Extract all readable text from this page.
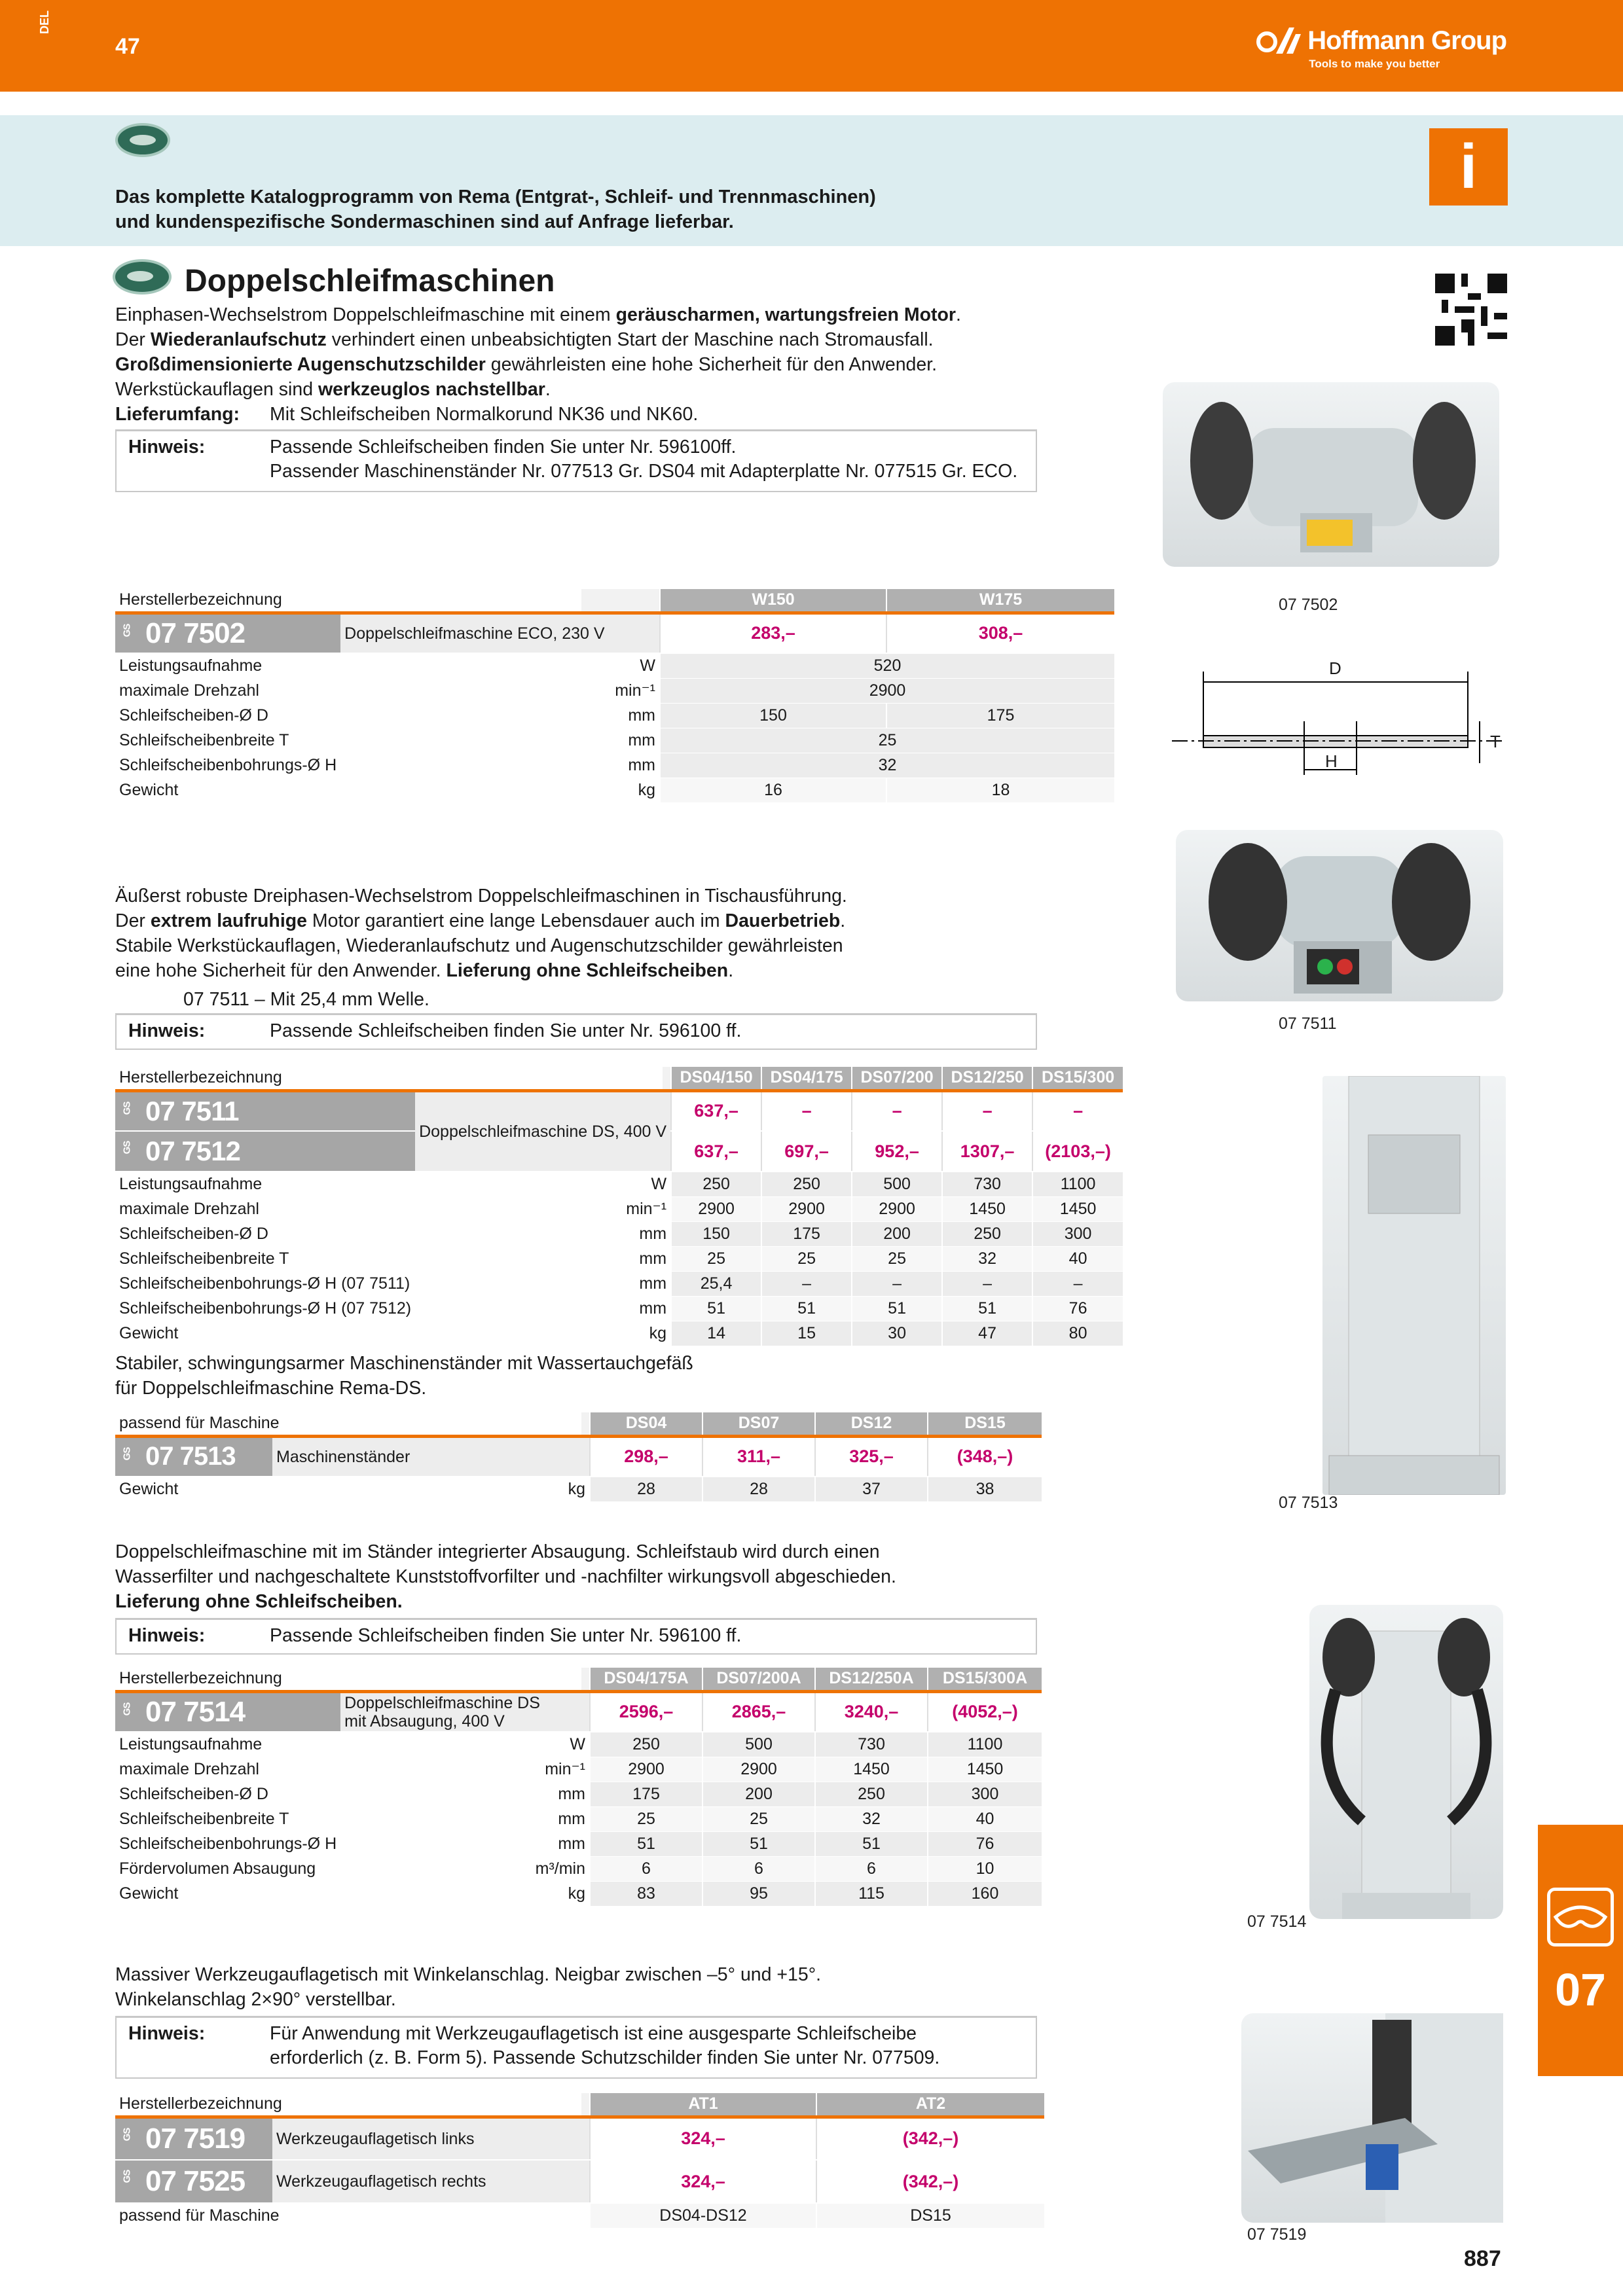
DEL
47	Hoffmann Group
Tools to make you better
i
Das komplette Katalogprogramm von Rema (Entgrat-, Schleif- und Trennmaschinen)
und kundenspezifische Sondermaschinen sind auf Anfrage lieferbar.
Doppelschleifmaschinen
Einphasen-Wechselstrom Doppelschleifmaschine mit einem geräuscharmen, wartungsfreien Motor.
Der Wiederanlaufschutz verhindert einen unbeabsichtigten Start der Maschine nach Stromausfall.
Großdimensionierte Augenschutzschilder gewährleisten eine hohe Sicherheit für den Anwender.
Werkstückauflagen sind werkzeuglos nachstellbar.
Lieferumfang:	Mit Schleifscheiben Normalkorund NK36 und NK60.
Hinweis:	Passende Schleifscheiben finden Sie unter Nr. 596100ff.
Passender Maschinenständer Nr. 077513 Gr. DS04 mit Adapterplatte Nr. 077515 Gr. ECO.
07 7502
Herstellerbezeichnung			W150	W175
GS 07 7502	Doppelschleifmaschine ECO, 230 V		283,–	308,–
Leistungsaufnahme	W		520	
maximale Drehzahl	min⁻¹		2900	
Schleifscheiben-Ø D	mm		150	175
Schleifscheibenbreite T	mm		25	
Schleifscheibenbohrungs-Ø H	mm		32	
Gewicht	kg		16	18
D
T
H
Äußerst robuste Dreiphasen-Wechselstrom Doppelschleifmaschinen in Tischausführung.
Der extrem laufruhige Motor garantiert eine lange Lebensdauer auch im Dauerbetrieb.
Stabile Werkstückauflagen, Wiederanlaufschutz und Augenschutzschilder gewährleisten
eine hohe Sicherheit für den Anwender. Lieferung ohne Schleifscheiben.
07 7511 – Mit 25,4 mm Welle.
Hinweis:	Passende Schleifscheiben finden Sie unter Nr. 596100 ff.	07 7511
Herstellerbezeichnung			DS04/150	DS04/175	DS07/200	DS12/250	DS15/300
GS 07 7511	Doppelschleifmaschine DS, 400 V		637,–	–	–	–	–
GS 07 7512			637,–	697,–	952,–	1307,–	(2103,–)
Leistungsaufnahme	W		250	250	500	730	1100
maximale Drehzahl	min⁻¹		2900	2900	2900	1450	1450
Schleifscheiben-Ø D	mm		150	175	200	250	300
Schleifscheibenbreite T	mm		25	25	25	32	40
Schleifscheibenbohrungs-Ø H (07 7511)	mm		25,4	–	–	–	–
Schleifscheibenbohrungs-Ø H (07 7512)	mm		51	51	51	51	76
Gewicht	kg		14	15	30	47	80
Stabiler, schwingungsarmer Maschinenständer mit Wassertauchgefäß
für Doppelschleifmaschine Rema-DS.
07 7513
passend für Maschine			DS04	DS07	DS12	DS15
GS 07 7513	Maschinenständer		298,–	311,–	325,–	(348,–)
Gewicht	kg		28	28	37	38
Doppelschleifmaschine mit im Ständer integrierter Absaugung. Schleifstaub wird durch einen
Wasserfilter und nachgeschaltete Kunststoffvorfilter und -nachfilter wirkungsvoll abgeschieden.
Lieferung ohne Schleifscheiben.
Hinweis:	Passende Schleifscheiben finden Sie unter Nr. 596100 ff.
07 7514
Herstellerbezeichnung			DS04/175A	DS07/200A	DS12/250A	DS15/300A
GS 07 7514	Doppelschleifmaschine DS
mit Absaugung, 400 V		2596,–	2865,–	3240,–	(4052,–)
Leistungsaufnahme	W		250	500	730	1100
maximale Drehzahl	min⁻¹		2900	2900	1450	1450
Schleifscheiben-Ø D	mm		175	200	250	300
Schleifscheibenbreite T	mm		25	25	32	40
Schleifscheibenbohrungs-Ø H	mm		51	51	51	76
Fördervolumen Absaugung	m³/min		6	6	6	10
Gewicht	kg		83	95	115	160
Massiver Werkzeugauflagetisch mit Winkelanschlag. Neigbar zwischen –5° und +15°.
Winkelanschlag 2×90° verstellbar.
Hinweis:	Für Anwendung mit Werkzeugauflagetisch ist eine ausgesparte Schleifscheibe
erforderlich (z. B. Form 5). Passende Schutzschilder finden Sie unter Nr. 077509.
07 7519
Herstellerbezeichnung			AT1	AT2
GS 07 7519	Werkzeugauflagetisch links		324,–	(342,–)
GS 07 7525	Werkzeugauflagetisch rechts		324,–	(342,–)
passend für Maschine			DS04-DS12	DS15
07
887
